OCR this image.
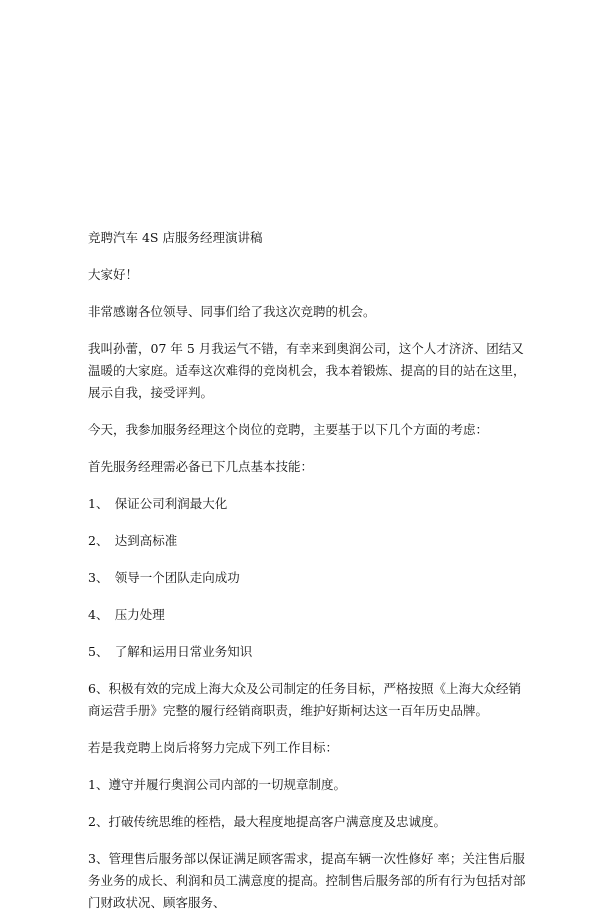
竞聘汽车 4S 店服务经理演讲稿

大家好！

非常感谢各位领导、同事们给了我这次竞聘的机会。

我叫孙蕾，07 年 5 月我运气不错，有幸来到奥润公司，这个人才济济、团结又温暖的大家庭。适奉这次难得的竞岗机会，我本着锻炼、提高的目的站在这里，展示自我，接受评判。

今天，我参加服务经理这个岗位的竞聘，主要基于以下几个方面的考虑：

首先服务经理需必备已下几点基本技能：

1、　保证公司利润最大化

2、　达到高标准

3、　领导一个团队走向成功

4、　压力处理

5、　了解和运用日常业务知识

6、积极有效的完成上海大众及公司制定的任务目标，严格按照《上海大众经销商运营手册》完整的履行经销商职责，维护好斯柯达这一百年历史品牌。

若是我竞聘上岗后将努力完成下列工作目标：

1、遵守并履行奥润公司内部的一切规章制度。

2、打破传统思维的桎梏，最大程度地提高客户满意度及忠诚度。

3、管理售后服务部以保证满足顾客需求，提高车辆一次性修好 率；关注售后服务业务的成长、利润和员工满意度的提高。控制售后服务部的所有行为包括对部门财政状况、顾客服务、
